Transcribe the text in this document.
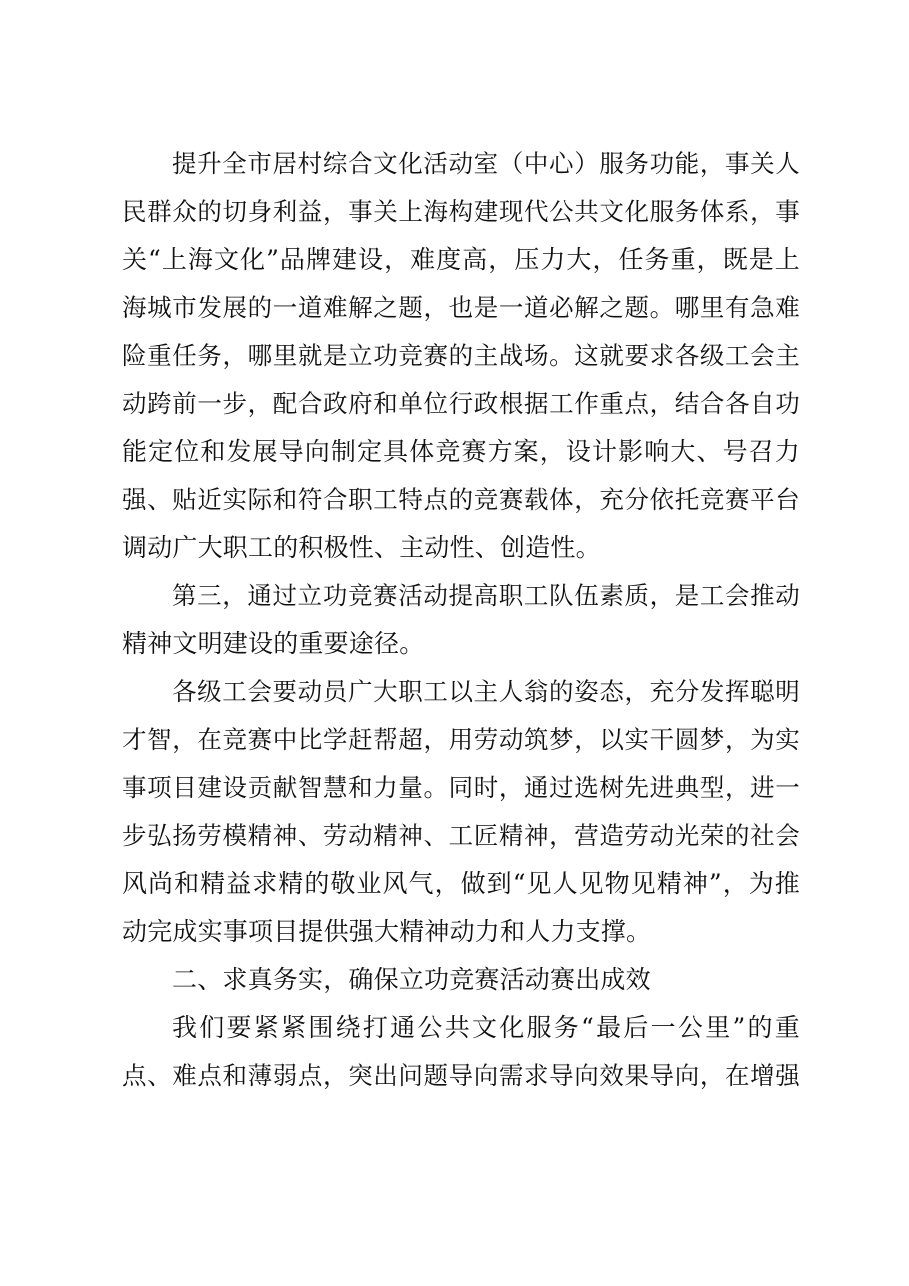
提升全市居村综合文化活动室（中心）服务功能，事关人
民群众的切身利益，事关上海构建现代公共文化服务体系，事
关“上海文化”品牌建设，难度高，压力大，任务重，既是上
海城市发展的一道难解之题，也是一道必解之题。哪里有急难
险重任务，哪里就是立功竞赛的主战场。这就要求各级工会主
动跨前一步，配合政府和单位行政根据工作重点，结合各自功
能定位和发展导向制定具体竞赛方案，设计影响大、号召力
强、贴近实际和符合职工特点的竞赛载体，充分依托竞赛平台
调动广大职工的积极性、主动性、创造性。
第三，通过立功竞赛活动提高职工队伍素质，是工会推动
精神文明建设的重要途径。
各级工会要动员广大职工以主人翁的姿态，充分发挥聪明
才智，在竞赛中比学赶帮超，用劳动筑梦，以实干圆梦，为实
事项目建设贡献智慧和力量。同时，通过选树先进典型，进一
步弘扬劳模精神、劳动精神、工匠精神，营造劳动光荣的社会
风尚和精益求精的敬业风气，做到“见人见物见精神”，为推
动完成实事项目提供强大精神动力和人力支撑。
二、求真务实，确保立功竞赛活动赛出成效
我们要紧紧围绕打通公共文化服务“最后一公里”的重
点、难点和薄弱点，突出问题导向需求导向效果导向，在增强
